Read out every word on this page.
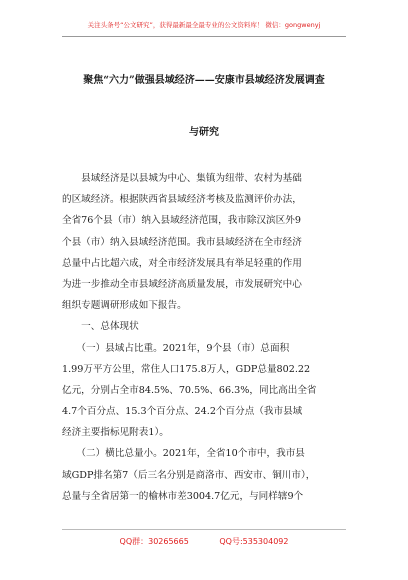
关注头条号“公文研究”，获得最新最全最专业的公文资料库！ 微信：gongwenyj
聚焦“六力”做强县域经济——安康市县域经济发展调查
与研究
　　县域经济是以县城为中心、集镇为纽带、农村为基础
的区域经济。根据陕西省县域经济考核及监测评价办法，
全省76个县（市）纳入县域经济范围，我市除汉滨区外9
个县（市）纳入县域经济范围。我市县域经济在全市经济
总量中占比超六成，对全市经济发展具有举足轻重的作用
为进一步推动全市县域经济高质量发展，市发展研究中心
组织专题调研形成如下报告。
　　一、总体现状
　　（一）县域占比重。2021年，9个县（市）总面积
1.99万平方公里，常住人口175.8万人，GDP总量802.22
亿元，分别占全市84.5%、70.5%、66.3%，同比高出全省
4.7个百分点、15.3个百分点、24.2个百分点（我市县域
经济主要指标见附表1）。
　　（二）横比总量小。2021年，全省10个市中，我市县
域GDP排名第7（后三名分别是商洛市、西安市、铜川市），
总量与全省居第一的榆林市差3004.7亿元，与同样辖9个
QQ群：30265665	QQ号:535304092
